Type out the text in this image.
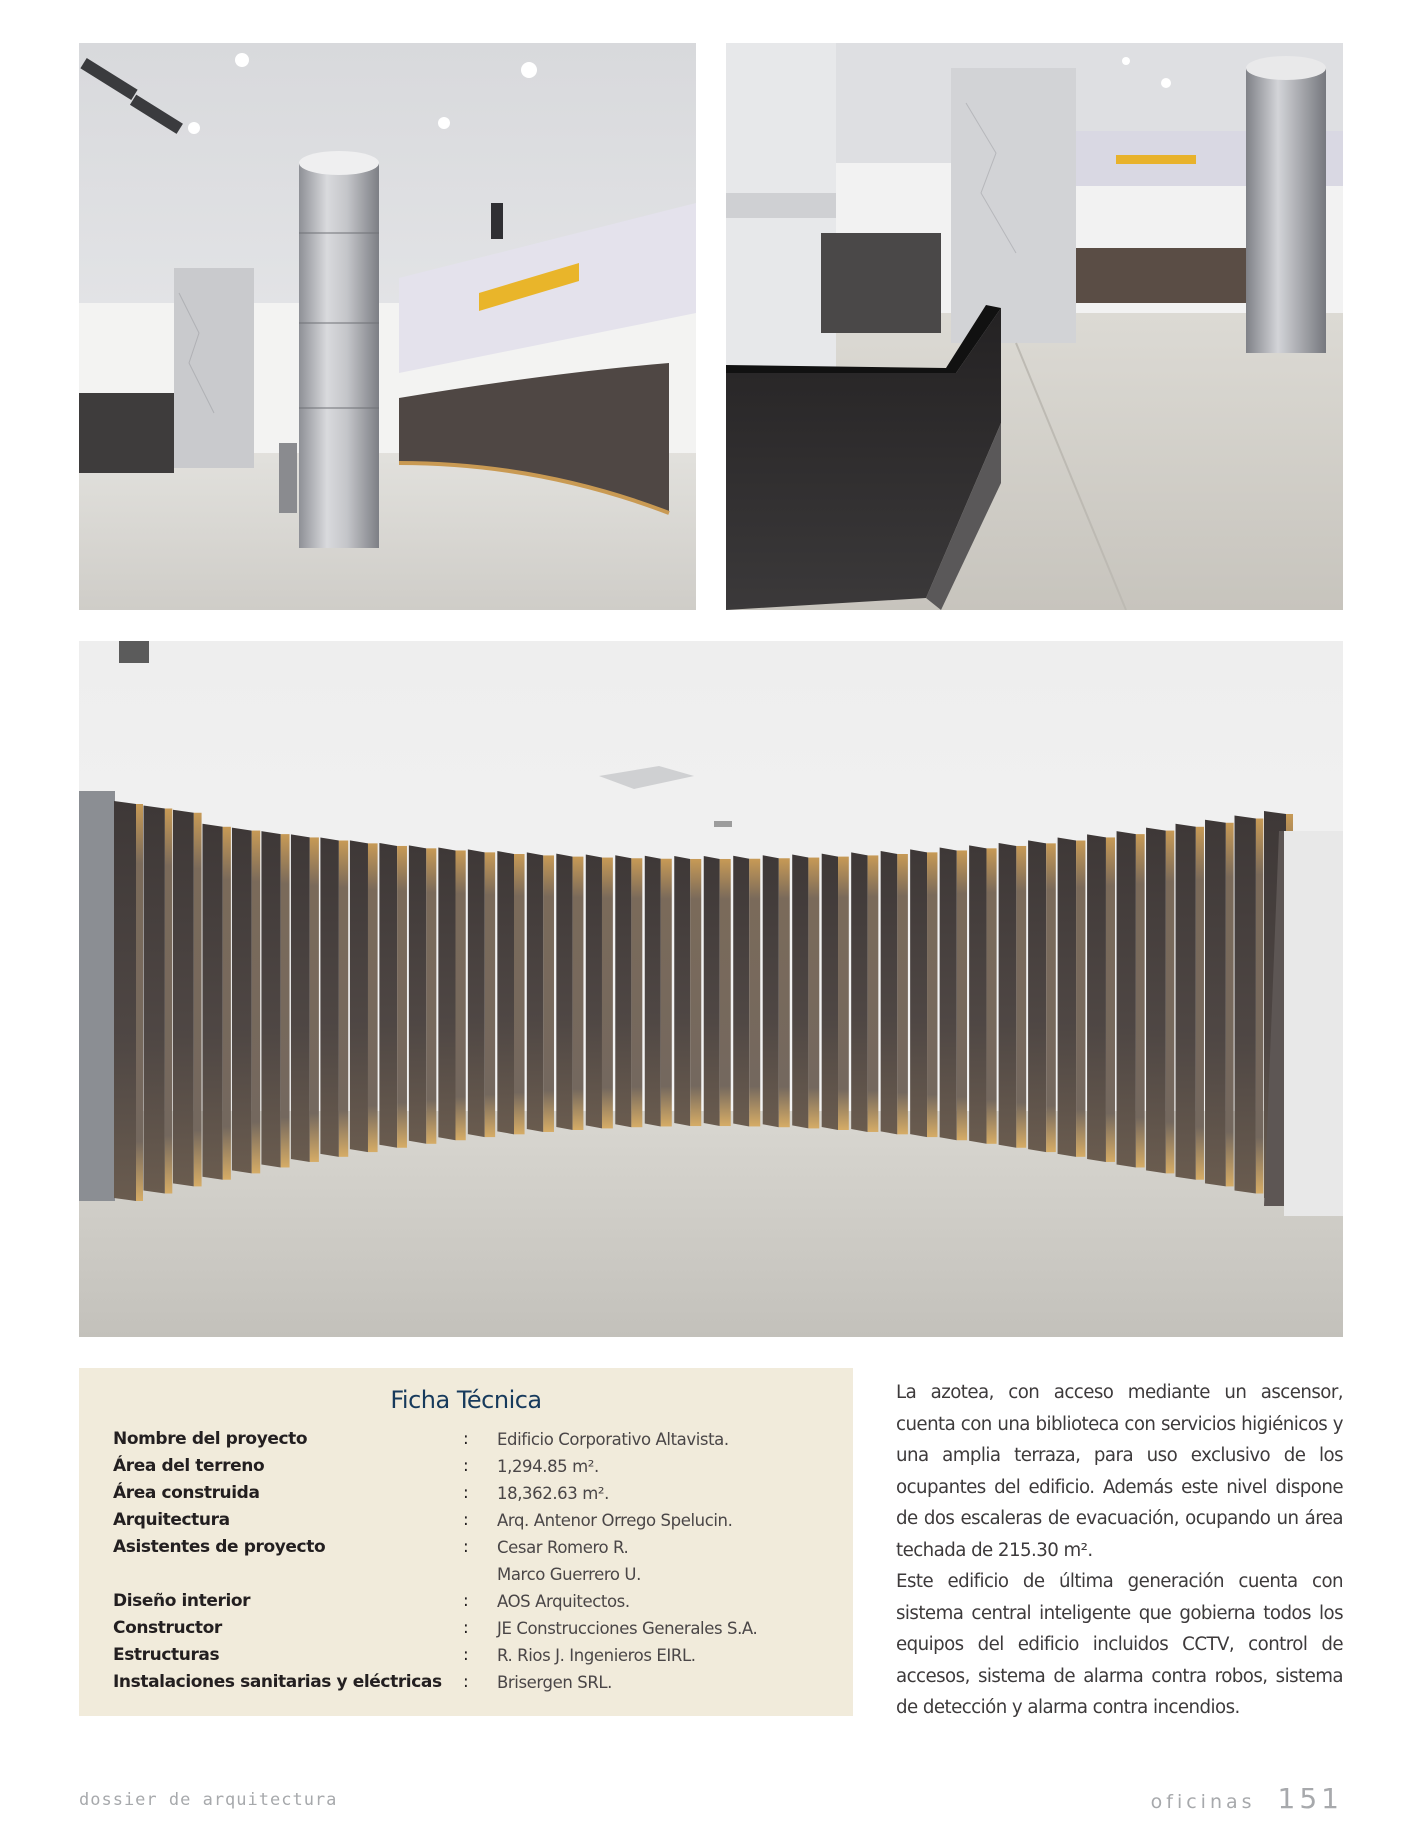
Ficha Técnica
Nombre del proyecto	:	Edificio Corporativo Altavista.
Área del terreno	:	1,294.85 m².
Área construida	:	18,362.63 m².
Arquitectura	:	Arq. Antenor Orrego Spelucin.
Asistentes de proyecto	:	Cesar Romero R.
Marco Guerrero U.
Diseño interior	:	AOS Arquitectos.
Constructor	:	JE Construcciones Generales S.A.
Estructuras	:	R. Rios J. Ingenieros EIRL.
Instalaciones sanitarias y eléctricas	:	Brisergen SRL.

La azotea, con acceso mediante un ascensor, cuenta con una biblioteca con servicios higiénicos y una amplia terraza, para uso exclusivo de los ocupantes del edificio. Además este nivel dispone de dos escaleras de evacuación, ocupando un área techada de 215.30 m².

Este edificio de última generación cuenta con sistema central inteligente que gobierna todos los equipos del edificio incluidos CCTV, control de accesos, sistema de alarma contra robos, sistema de detección y alarma contra incendios.

dossier de arquitectura	oficinas 151
